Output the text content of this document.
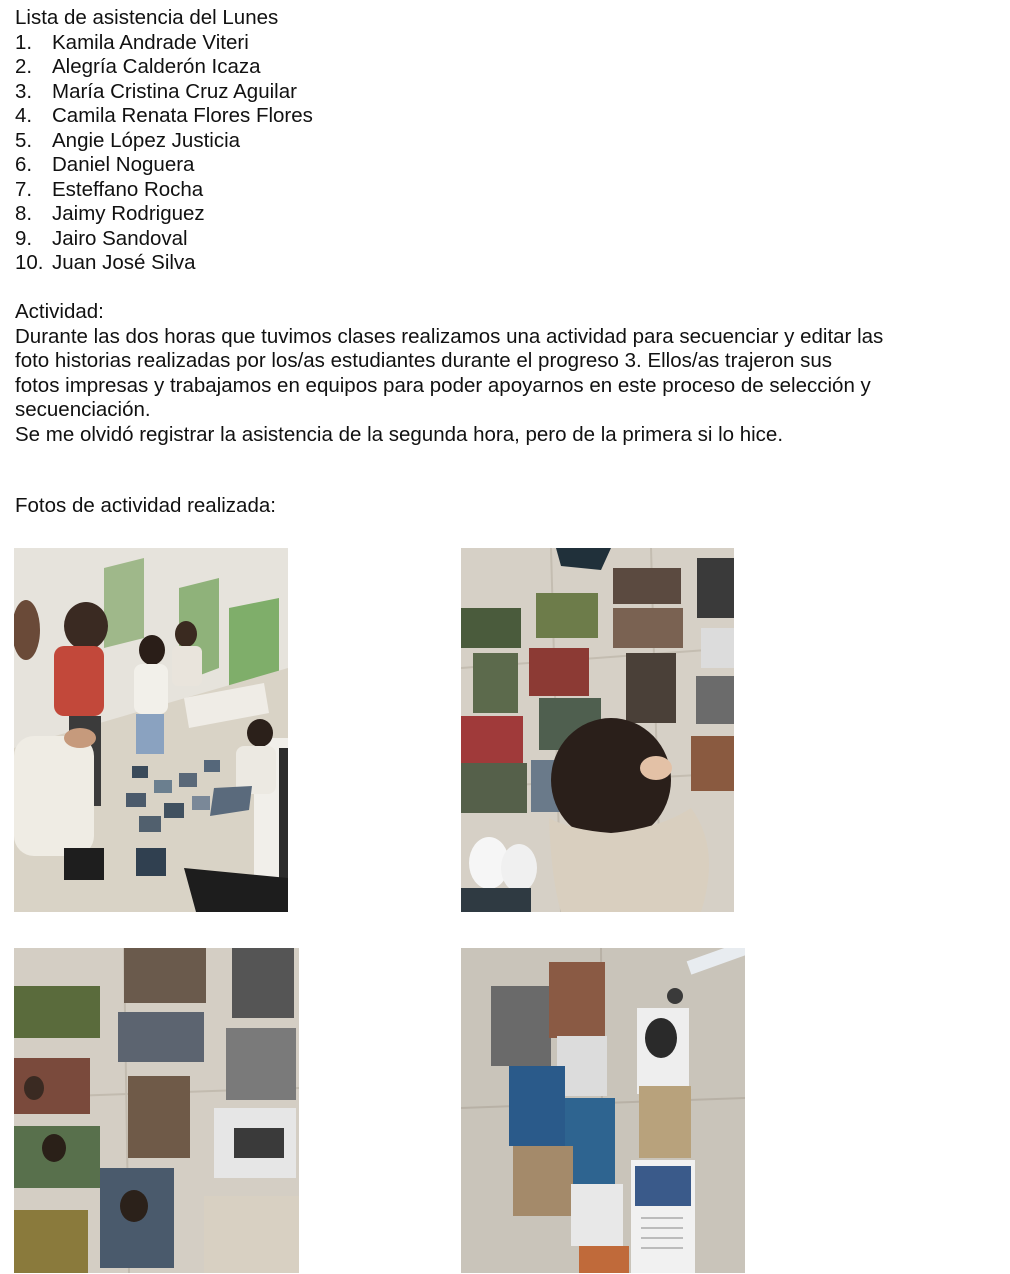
Lista de asistencia del Lunes
1. Kamila Andrade Viteri
2. Alegría Calderón Icaza
3. María Cristina Cruz Aguilar
4. Camila Renata Flores Flores
5. Angie López Justicia
6. Daniel Noguera
7. Esteffano Rocha
8. Jaimy Rodriguez
9. Jairo Sandoval
10. Juan José Silva
Actividad:
Durante las dos horas que tuvimos clases realizamos una actividad para secuenciar y editar las
foto historias realizadas por los/as estudiantes durante el progreso 3. Ellos/as trajeron sus
fotos impresas y trabajamos en equipos para poder apoyarnos en este proceso de selección y
secuenciación.
Se me olvidó registrar la asistencia de la segunda hora, pero de la primera si lo hice.
Fotos de actividad realizada:
